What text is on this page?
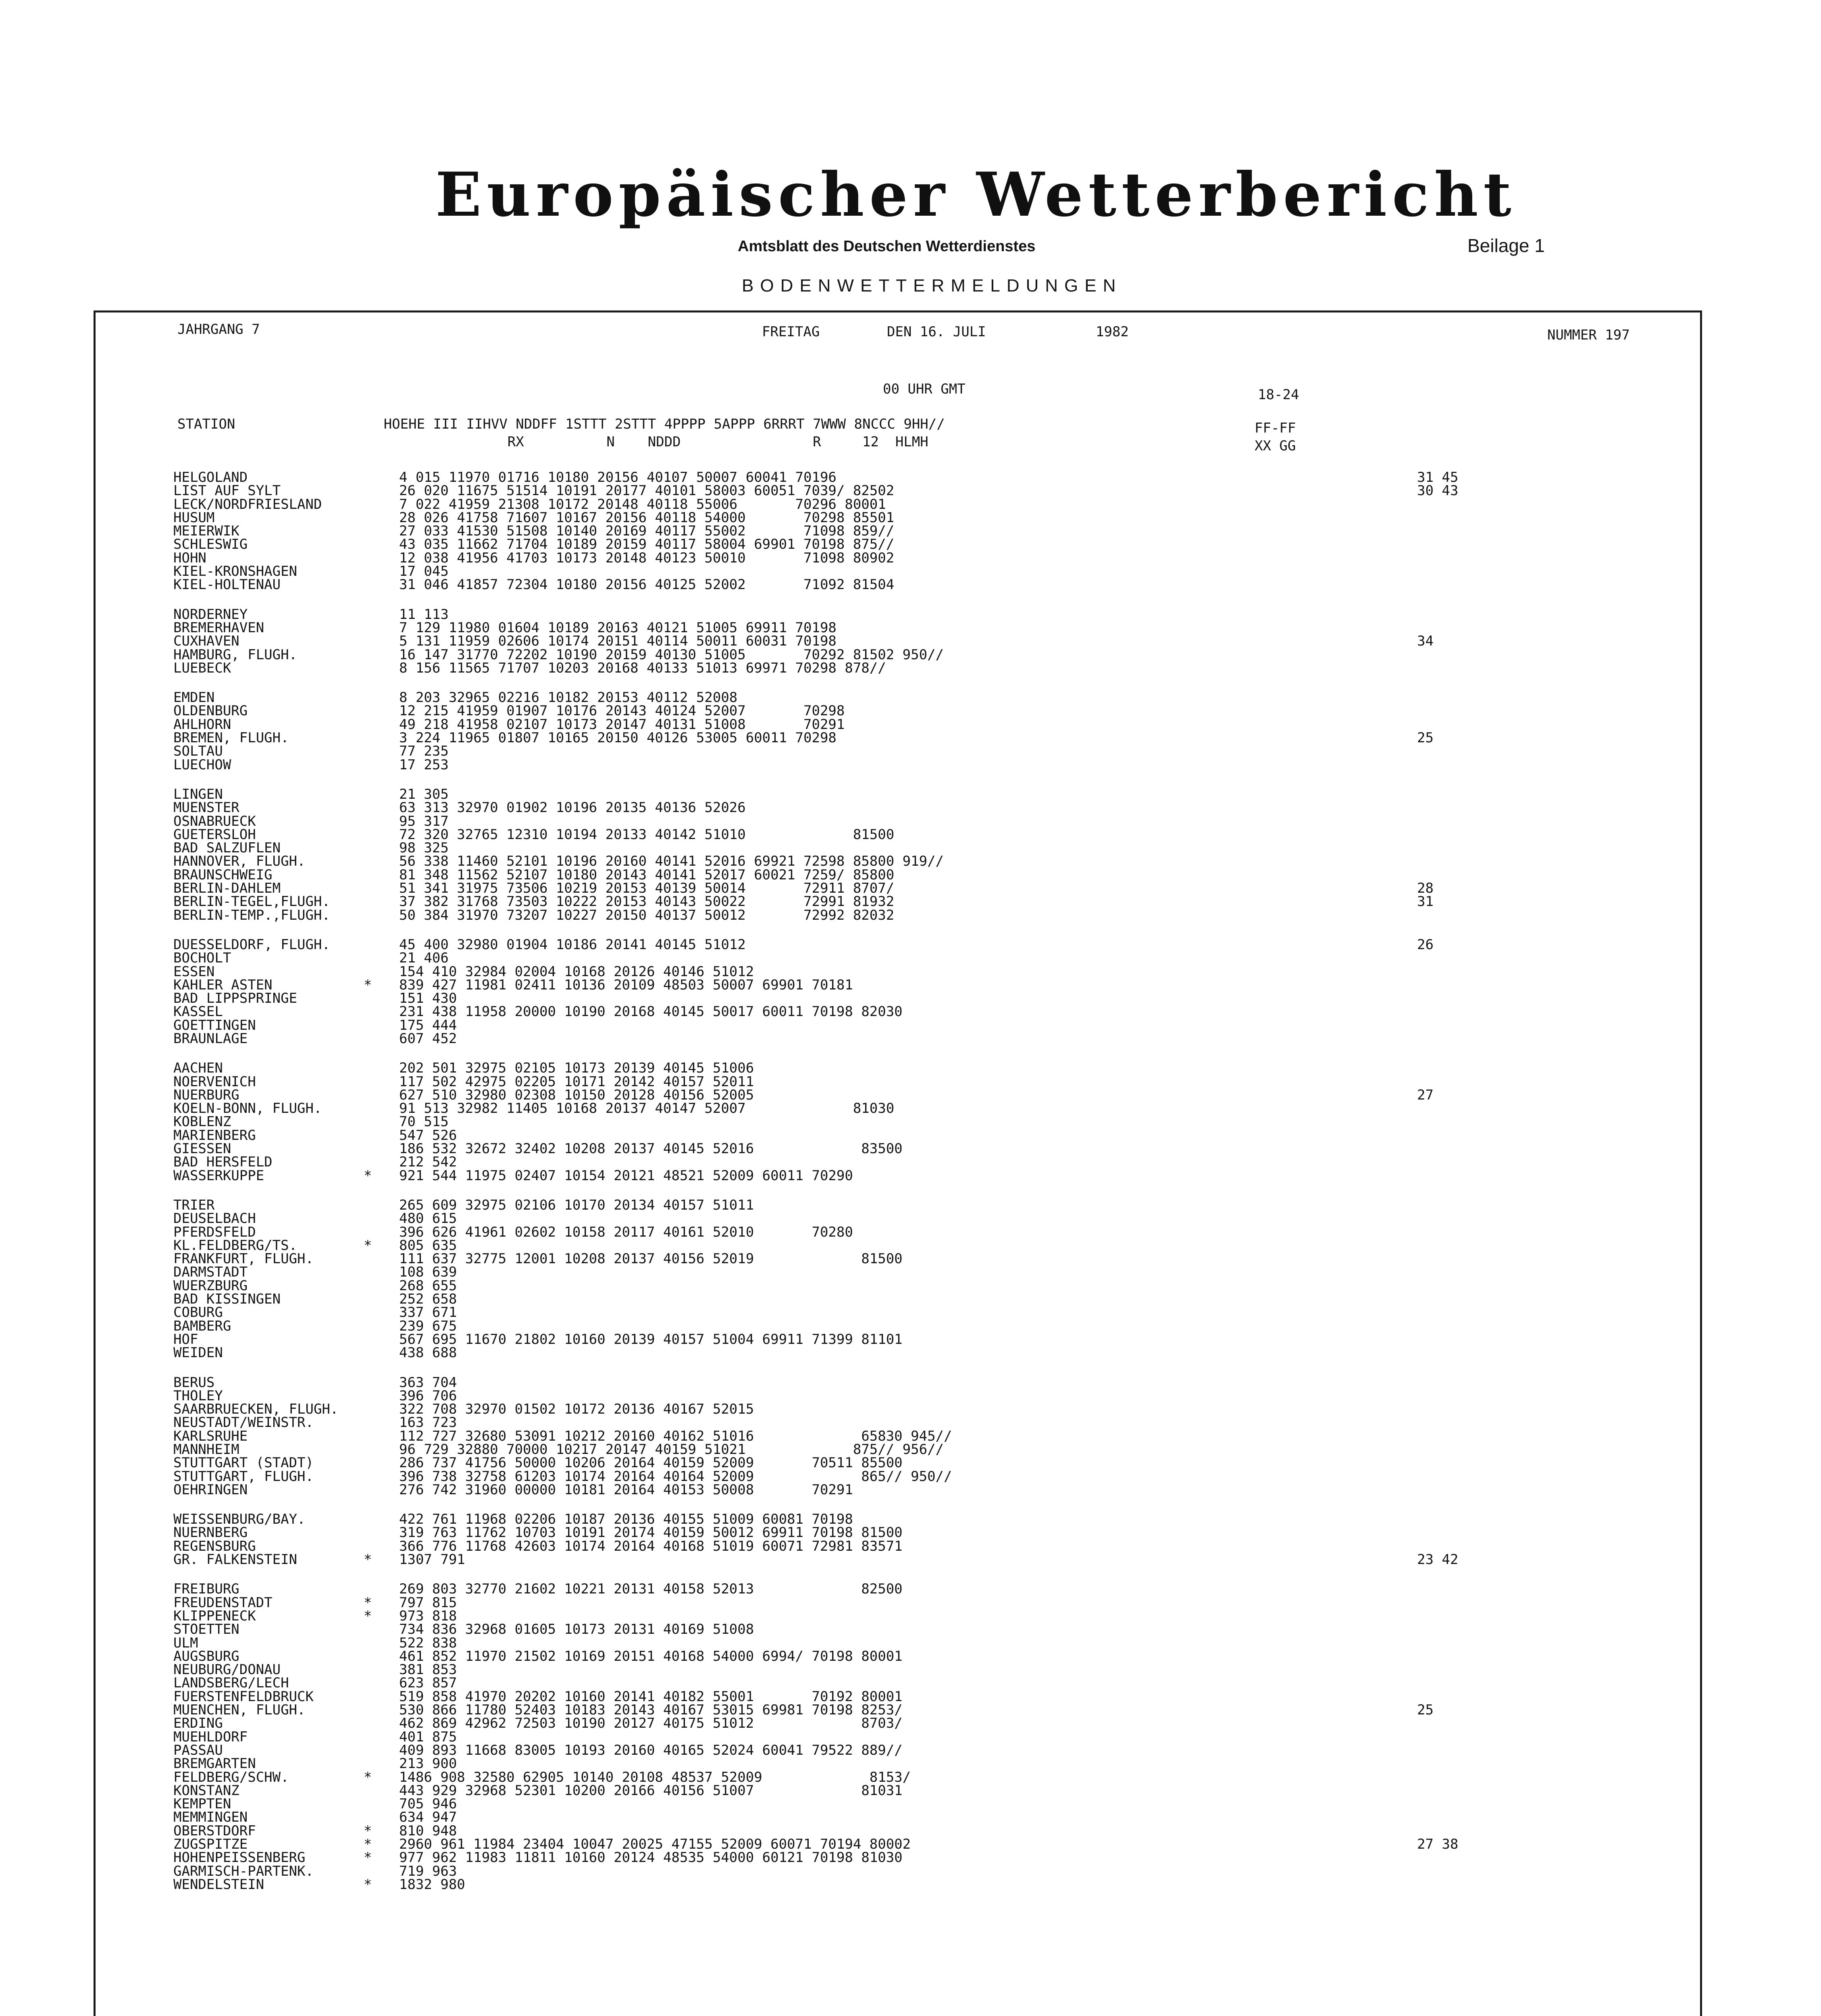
Europäischer Wetterbericht
Amtsblatt des Deutschen Wetterdienstes	Beilage 1
BODENWETTERMELDUNGEN
JAHRGANG 7	FREITAG	DEN 16. JULI	1982	NUMMER 197
00 UHR GMT	18-24
STATION                  HOEHE III IIHVV NDDFF 1STTT 2STTT 4PPPP 5APPP 6RRRT 7WWW 8NCCC 9HH//
RX          N    NDDD                R     12  HLMH
FF-FF
XX GG
HELGOLAND	4 015 11970 01716 10180 20156 40107 50007 60041 70196	31 45
LIST AUF SYLT	26 020 11675 51514 10191 20177 40101 58003 60051 7039/ 82502	30 43
LECK/NORDFRIESLAND	7 022 41959 21308 10172 20148 40118 55006       70296 80001
HUSUM	28 026 41758 71607 10167 20156 40118 54000       70298 85501
MEIERWIK	27 033 41530 51508 10140 20169 40117 55002       71098 859//
SCHLESWIG	43 035 11662 71704 10189 20159 40117 58004 69901 70198 875//
HOHN	12 038 41956 41703 10173 20148 40123 50010       71098 80902
KIEL-KRONSHAGEN	17 045
KIEL-HOLTENAU	31 046 41857 72304 10180 20156 40125 52002       71092 81504
NORDERNEY	11 113
BREMERHAVEN	7 129 11980 01604 10189 20163 40121 51005 69911 70198
CUXHAVEN	5 131 11959 02606 10174 20151 40114 50011 60031 70198	34
HAMBURG, FLUGH.	16 147 31770 72202 10190 20159 40130 51005       70292 81502 950//
LUEBECK	8 156 11565 71707 10203 20168 40133 51013 69971 70298 878//
EMDEN	8 203 32965 02216 10182 20153 40112 52008
OLDENBURG	12 215 41959 01907 10176 20143 40124 52007       70298
AHLHORN	49 218 41958 02107 10173 20147 40131 51008       70291
BREMEN, FLUGH.	3 224 11965 01807 10165 20150 40126 53005 60011 70298	25
SOLTAU	77 235
LUECHOW	17 253
LINGEN	21 305
MUENSTER	63 313 32970 01902 10196 20135 40136 52026
OSNABRUECK	95 317
GUETERSLOH	72 320 32765 12310 10194 20133 40142 51010             81500
BAD SALZUFLEN	98 325
HANNOVER, FLUGH.	56 338 11460 52101 10196 20160 40141 52016 69921 72598 85800 919//
BRAUNSCHWEIG	81 348 11562 52107 10180 20143 40141 52017 60021 7259/ 85800
BERLIN-DAHLEM	51 341 31975 73506 10219 20153 40139 50014       72911 8707/	28
BERLIN-TEGEL,FLUGH.	37 382 31768 73503 10222 20153 40143 50022       72991 81932	31
BERLIN-TEMP.,FLUGH.	50 384 31970 73207 10227 20150 40137 50012       72992 82032
DUESSELDORF, FLUGH.	45 400 32980 01904 10186 20141 40145 51012	26
BOCHOLT	21 406
ESSEN	154 410 32984 02004 10168 20126 40146 51012
KAHLER ASTEN	* 839 427 11981 02411 10136 20109 48503 50007 69901 70181
BAD LIPPSPRINGE	151 430
KASSEL	231 438 11958 20000 10190 20168 40145 50017 60011 70198 82030
GOETTINGEN	175 444
BRAUNLAGE	607 452
AACHEN	202 501 32975 02105 10173 20139 40145 51006
NOERVENICH	117 502 42975 02205 10171 20142 40157 52011
NUERBURG	627 510 32980 02308 10150 20128 40156 52005	27
KOELN-BONN, FLUGH.	91 513 32982 11405 10168 20137 40147 52007             81030
KOBLENZ	70 515
MARIENBERG	547 526
GIESSEN	186 532 32672 32402 10208 20137 40145 52016             83500
BAD HERSFELD	212 542
WASSERKUPPE	* 921 544 11975 02407 10154 20121 48521 52009 60011 70290
TRIER	265 609 32975 02106 10170 20134 40157 51011
DEUSELBACH	480 615
PFERDSFELD	396 626 41961 02602 10158 20117 40161 52010       70280
KL.FELDBERG/TS.	* 805 635
FRANKFURT, FLUGH.	111 637 32775 12001 10208 20137 40156 52019             81500
DARMSTADT	108 639
WUERZBURG	268 655
BAD KISSINGEN	252 658
COBURG	337 671
BAMBERG	239 675
HOF	567 695 11670 21802 10160 20139 40157 51004 69911 71399 81101
WEIDEN	438 688
BERUS	363 704
THOLEY	396 706
SAARBRUECKEN, FLUGH.	322 708 32970 01502 10172 20136 40167 52015
NEUSTADT/WEINSTR.	163 723
KARLSRUHE	112 727 32680 53091 10212 20160 40162 51016             65830 945//
MANNHEIM	96 729 32880 70000 10217 20147 40159 51021             875// 956//
STUTTGART (STADT)	286 737 41756 50000 10206 20164 40159 52009       70511 85500
STUTTGART, FLUGH.	396 738 32758 61203 10174 20164 40164 52009             865// 950//
OEHRINGEN	276 742 31960 00000 10181 20164 40153 50008       70291
WEISSENBURG/BAY.	422 761 11968 02206 10187 20136 40155 51009 60081 70198
NUERNBERG	319 763 11762 10703 10191 20174 40159 50012 69911 70198 81500
REGENSBURG	366 776 11768 42603 10174 20164 40168 51019 60071 72981 83571
GR. FALKENSTEIN	* 1307 791	23 42
FREIBURG	269 803 32770 21602 10221 20131 40158 52013             82500
FREUDENSTADT	* 797 815
KLIPPENECK	* 973 818
STOETTEN	734 836 32968 01605 10173 20131 40169 51008
ULM	522 838
AUGSBURG	461 852 11970 21502 10169 20151 40168 54000 6994/ 70198 80001
NEUBURG/DONAU	381 853
LANDSBERG/LECH	623 857
FUERSTENFELDBRUCK	519 858 41970 20202 10160 20141 40182 55001       70192 80001
MUENCHEN, FLUGH.	530 866 11780 52403 10183 20143 40167 53015 69981 70198 8253/	25
ERDING	462 869 42962 72503 10190 20127 40175 51012             8703/
MUEHLDORF	401 875
PASSAU	409 893 11668 83005 10193 20160 40165 52024 60041 79522 889//
BREMGARTEN	213 900
FELDBERG/SCHW.	* 1486 908 32580 62905 10140 20108 48537 52009             8153/
KONSTANZ	443 929 32968 52301 10200 20166 40156 51007             81031
KEMPTEN	705 946
MEMMINGEN	634 947
OBERSTDORF	* 810 948
ZUGSPITZE	* 2960 961 11984 23404 10047 20025 47155 52009 60071 70194 80002	27 38
HOHENPEISSENBERG	* 977 962 11983 11811 10160 20124 48535 54000 60121 70198 81030
GARMISCH-PARTENK.	719 963
WENDELSTEIN	* 1832 980
